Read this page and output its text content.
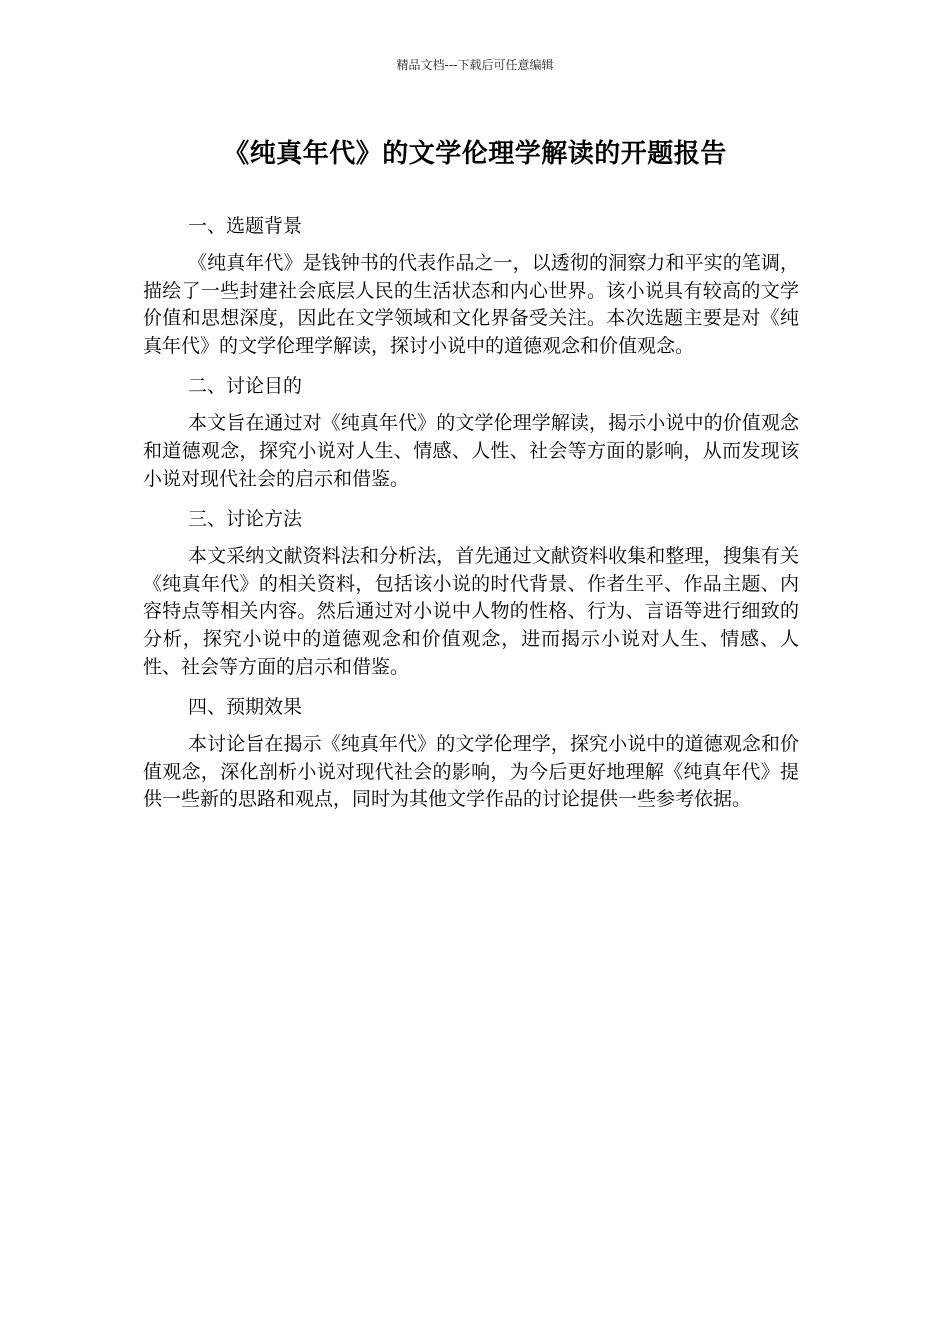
精品文档---下载后可任意编辑
《纯真年代》的文学伦理学解读的开题报告

一、选题背景

《纯真年代》是钱钟书的代表作品之一，以透彻的洞察力和平实的笔调，描绘了一些封建社会底层人民的生活状态和内心世界。该小说具有较高的文学价值和思想深度，因此在文学领域和文化界备受关注。本次选题主要是对《纯真年代》的文学伦理学解读，探讨小说中的道德观念和价值观念。

二、讨论目的

本文旨在通过对《纯真年代》的文学伦理学解读，揭示小说中的价值观念和道德观念，探究小说对人生、情感、人性、社会等方面的影响，从而发现该小说对现代社会的启示和借鉴。

三、讨论方法

本文采纳文献资料法和分析法，首先通过文献资料收集和整理，搜集有关《纯真年代》的相关资料，包括该小说的时代背景、作者生平、作品主题、内容特点等相关内容。然后通过对小说中人物的性格、行为、言语等进行细致的分析，探究小说中的道德观念和价值观念，进而揭示小说对人生、情感、人性、社会等方面的启示和借鉴。

四、预期效果

本讨论旨在揭示《纯真年代》的文学伦理学，探究小说中的道德观念和价值观念，深化剖析小说对现代社会的影响，为今后更好地理解《纯真年代》提供一些新的思路和观点，同时为其他文学作品的讨论提供一些参考依据。
